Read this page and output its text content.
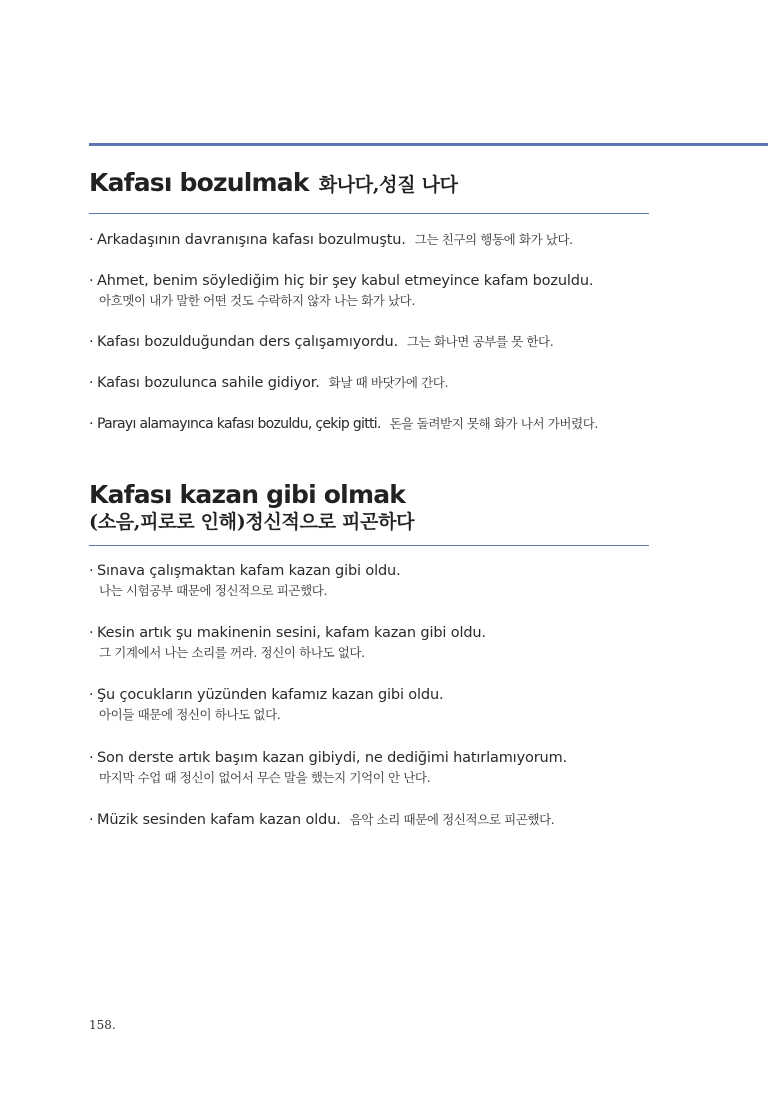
Kafası bozulmak 화나다,성질 나다
· Arkadaşının davranışına kafası bozulmuştu. 그는 친구의 행동에 화가 났다.
· Ahmet, benim söylediğim hiç bir şey kabul etmeyince kafam bozuldu.
아흐멧이 내가 말한 어떤 것도 수락하지 않자 나는 화가 났다.
· Kafası bozulduğundan ders çalışamıyordu. 그는 화나면 공부를 못 한다.
· Kafası bozulunca sahile gidiyor. 화날 때 바닷가에 간다.
· Parayı alamayınca kafası bozuldu, çekip gitti. 돈을 돌려받지 못해 화가 나서 가버렸다.
Kafası kazan gibi olmak
(소음,피로로 인해)정신적으로 피곤하다
· Sınava çalışmaktan kafam kazan gibi oldu.
나는 시험공부 때문에 정신적으로 피곤했다.
· Kesin artık şu makinenin sesini, kafam kazan gibi oldu.
그 기계에서 나는 소리를 꺼라. 정신이 하나도 없다.
· Şu çocukların yüzünden kafamız kazan gibi oldu.
아이들 때문에 정신이 하나도 없다.
· Son derste artık başım kazan gibiydi, ne dediğimi hatırlamıyorum.
마지막 수업 때 정신이 없어서 무슨 말을 했는지 기억이 안 난다.
· Müzik sesinden kafam kazan oldu. 음악 소리 때문에 정신적으로 피곤했다.
158.
